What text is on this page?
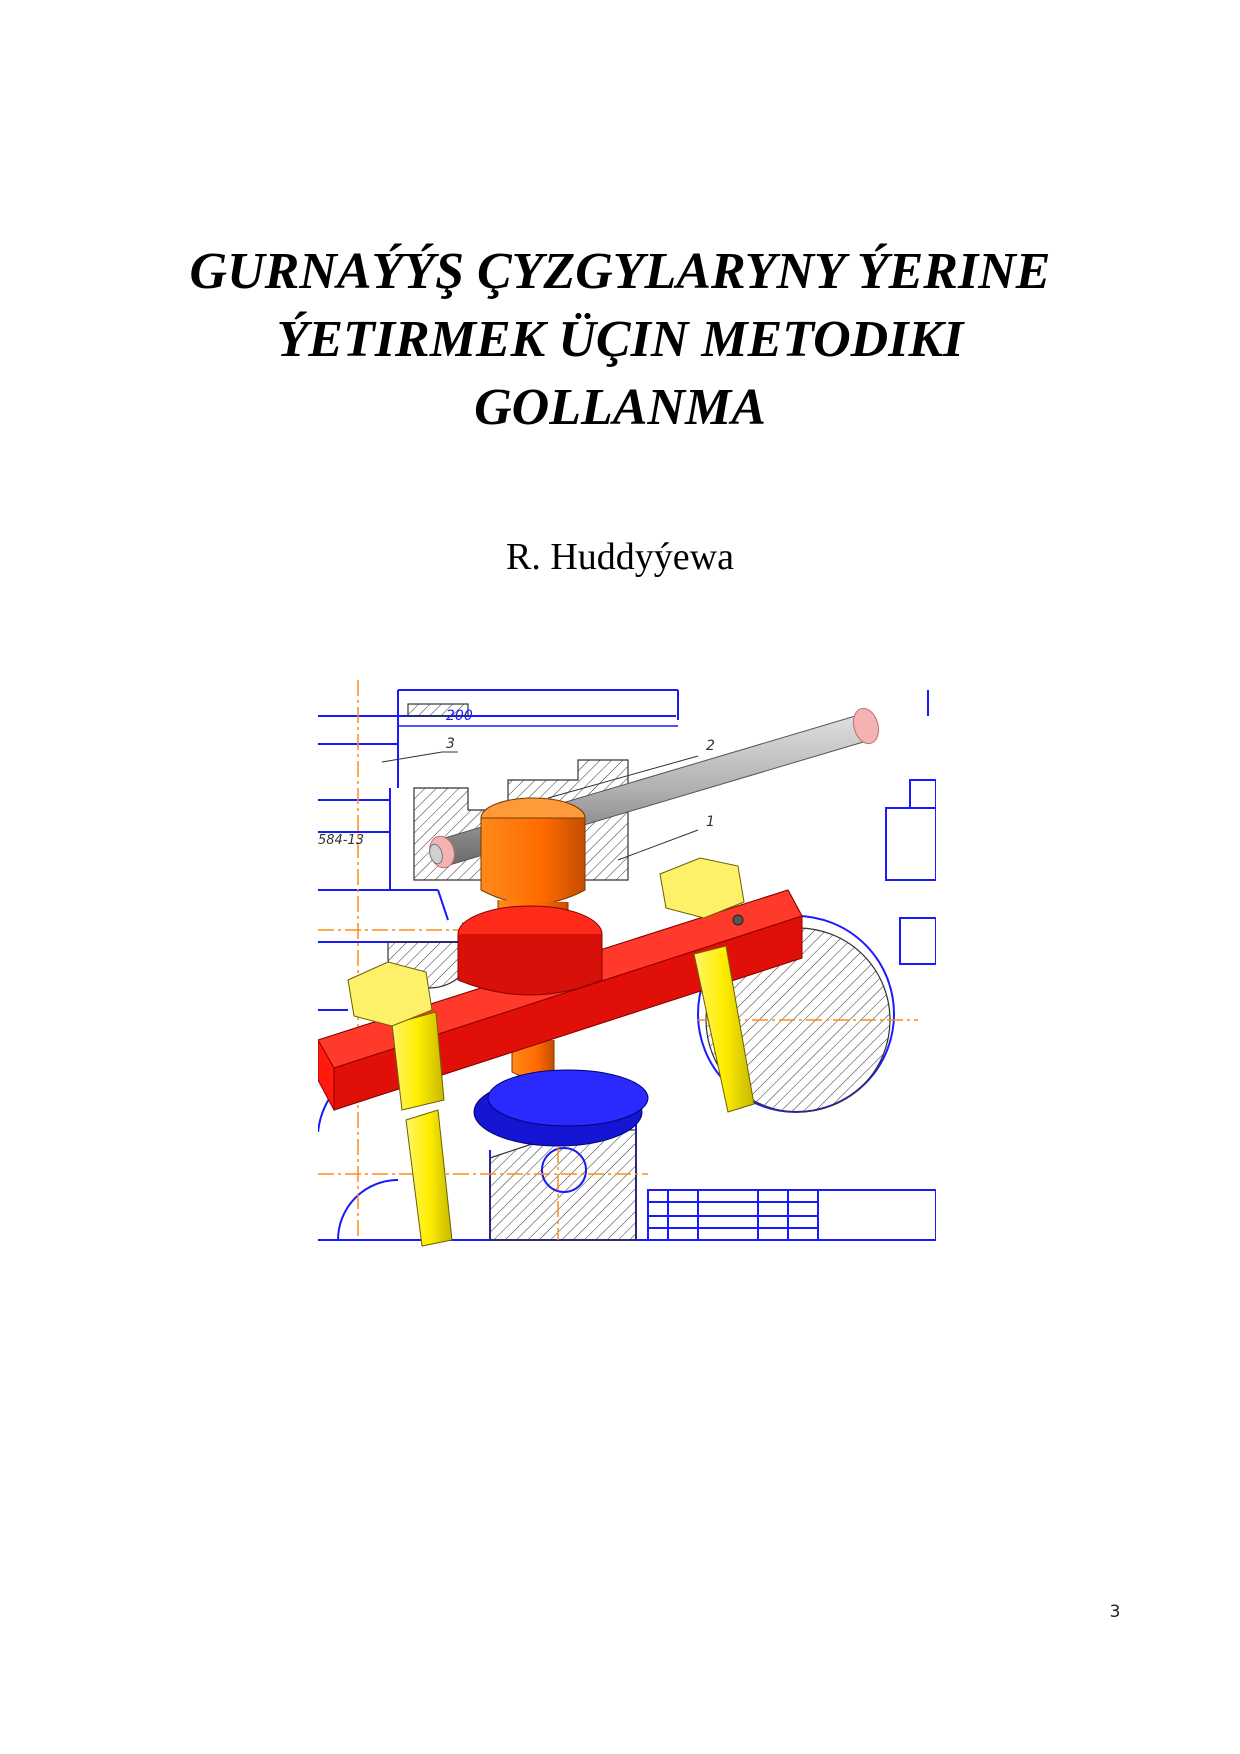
GURNAÝÝŞ ÇYZGYLARYNY ÝERINE
ÝETIRMEK ÜÇIN METODIKI
GOLLANMA
R. Huddyýewa
200
3	2
1
584-13
3
